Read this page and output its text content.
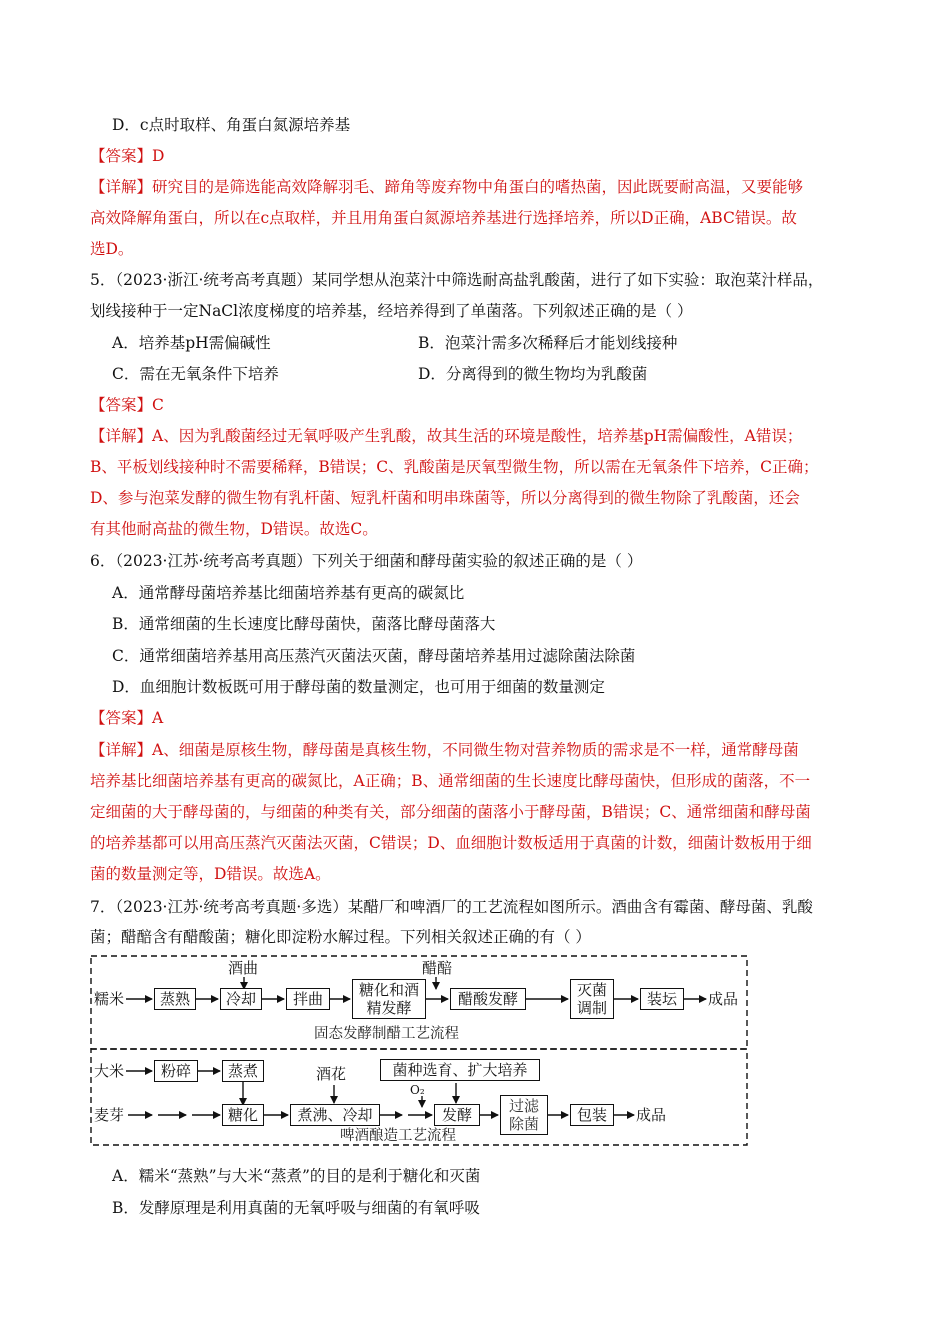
D．c点时取样、角蛋白氮源培养基
【答案】D
【详解】研究目的是筛选能高效降解羽毛、蹄角等废弃物中角蛋白的嗜热菌，因此既要耐高温，又要能够
高效降解角蛋白，所以在c点取样，并且用角蛋白氮源培养基进行选择培养，所以D正确，ABC错误。故
选D。
5．（2023·浙江·统考高考真题）某同学想从泡菜汁中筛选耐高盐乳酸菌，进行了如下实验：取泡菜汁样品，
划线接种于一定NaCl浓度梯度的培养基，经培养得到了单菌落。下列叙述正确的是（ ）
A．培养基pH需偏碱性	B．泡菜汁需多次稀释后才能划线接种
C．需在无氧条件下培养	D．分离得到的微生物均为乳酸菌
【答案】C
【详解】A、因为乳酸菌经过无氧呼吸产生乳酸，故其生活的环境是酸性，培养基pH需偏酸性，A错误；
B、平板划线接种时不需要稀释，B错误；C、乳酸菌是厌氧型微生物，所以需在无氧条件下培养，C正确；
D、参与泡菜发酵的微生物有乳杆菌、短乳杆菌和明串珠菌等，所以分离得到的微生物除了乳酸菌，还会
有其他耐高盐的微生物，D错误。故选C。
6．（2023·江苏·统考高考真题）下列关于细菌和酵母菌实验的叙述正确的是（ ）
A．通常酵母菌培养基比细菌培养基有更高的碳氮比
B．通常细菌的生长速度比酵母菌快，菌落比酵母菌落大
C．通常细菌培养基用高压蒸汽灭菌法灭菌，酵母菌培养基用过滤除菌法除菌
D．血细胞计数板既可用于酵母菌的数量测定，也可用于细菌的数量测定
【答案】A
【详解】A、细菌是原核生物，酵母菌是真核生物，不同微生物对营养物质的需求是不一样，通常酵母菌
培养基比细菌培养基有更高的碳氮比，A正确；B、通常细菌的生长速度比酵母菌快，但形成的菌落，不一
定细菌的大于酵母菌的，与细菌的种类有关，部分细菌的菌落小于酵母菌，B错误；C、通常细菌和酵母菌
的培养基都可以用高压蒸汽灭菌法灭菌，C错误；D、血细胞计数板适用于真菌的计数，细菌计数板用于细
菌的数量测定等，D错误。故选A。
7．（2023·江苏·统考高考真题·多选）某醋厂和啤酒厂的工艺流程如图所示。酒曲含有霉菌、酵母菌、乳酸
菌；醋醅含有醋酸菌；糖化即淀粉水解过程。下列相关叙述正确的有（ ）
糯米	蒸熟	冷却
酒曲
拌曲	糖化和酒精发酵
醋醅
醋酸发酵	灭菌调制	装坛	成品
固态发酵制醋工艺流程
大米	粉碎	蒸煮	酒花	菌种选育、扩大培养
O₂
麦芽	糖化	煮沸、冷却	发酵	过滤除菌	包装	成品
啤酒酿造工艺流程
A．糯米“蒸熟”与大米“蒸煮”的目的是利于糖化和灭菌
B．发酵原理是利用真菌的无氧呼吸与细菌的有氧呼吸
